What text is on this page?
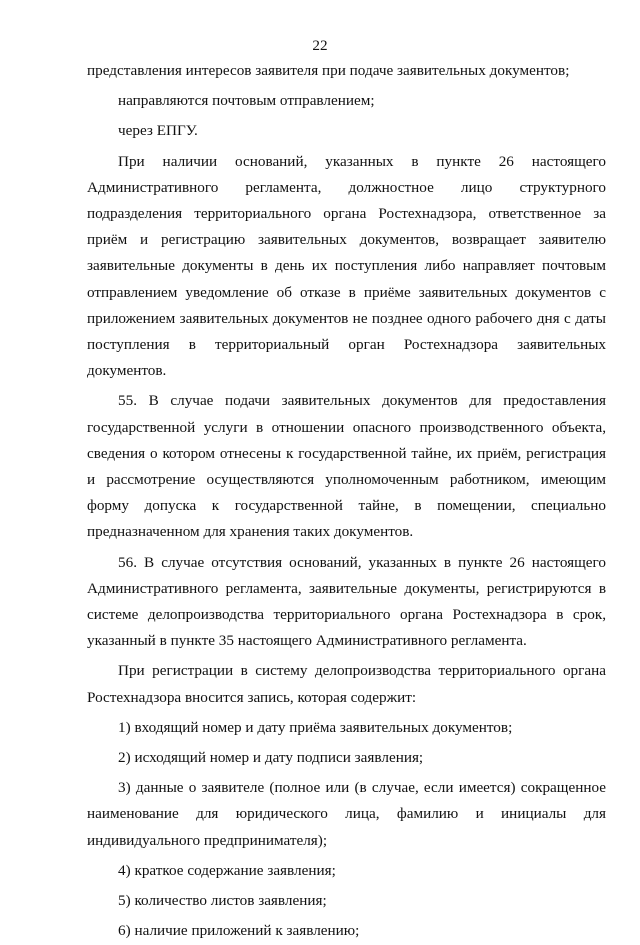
22

представления интересов заявителя при подаче заявительных документов;

направляются почтовым отправлением;

через ЕПГУ.

При наличии оснований, указанных в пункте 26 настоящего Административного регламента, должностное лицо структурного подразделения территориального органа Ростехнадзора, ответственное за приём и регистрацию заявительных документов, возвращает заявителю заявительные документы в день их поступления либо направляет почтовым отправлением уведомление об отказе в приёме заявительных документов с приложением заявительных документов не позднее одного рабочего дня с даты поступления в территориальный орган Ростехнадзора заявительных документов.

55. В случае подачи заявительных документов для предоставления государственной услуги в отношении опасного производственного объекта, сведения о котором отнесены к государственной тайне, их приём, регистрация и рассмотрение осуществляются уполномоченным работником, имеющим форму допуска к государственной тайне, в помещении, специально предназначенном для хранения таких документов.

56. В случае отсутствия оснований, указанных в пункте 26 настоящего Административного регламента, заявительные документы, регистрируются в системе делопроизводства территориального органа Ростехнадзора в срок, указанный в пункте 35 настоящего Административного регламента.

При регистрации в систему делопроизводства территориального органа Ростехнадзора вносится запись, которая содержит:

1) входящий номер и дату приёма заявительных документов;

2) исходящий номер и дату подписи заявления;

3) данные о заявителе (полное или (в случае, если имеется) сокращенное наименование для юридического лица, фамилию и инициалы для индивидуального предпринимателя);

4) краткое содержание заявления;

5) количество листов заявления;

6) наличие приложений к заявлению;
